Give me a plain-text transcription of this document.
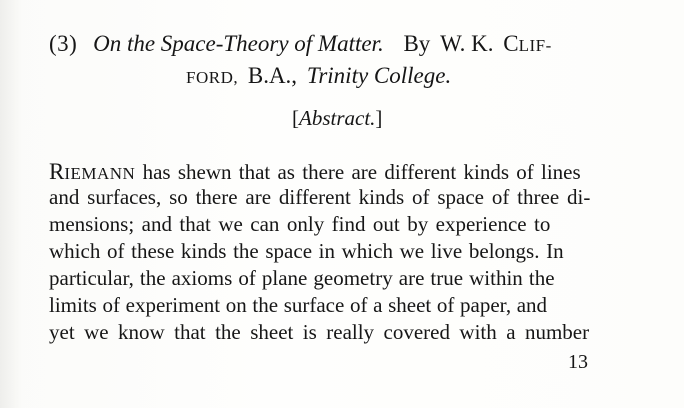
(3) On the Space-Theory of Matter. By W. K. CLIF-
FORD, B.A., Trinity College.
[Abstract.]
RIEMANN has shewn that as there are different kinds of lines
and surfaces, so there are different kinds of space of three di-
mensions; and that we can only find out by experience to
which of these kinds the space in which we live belongs. In
particular, the axioms of plane geometry are true within the
limits of experiment on the surface of a sheet of paper, and
yet we know that the sheet is really covered with a number
13
